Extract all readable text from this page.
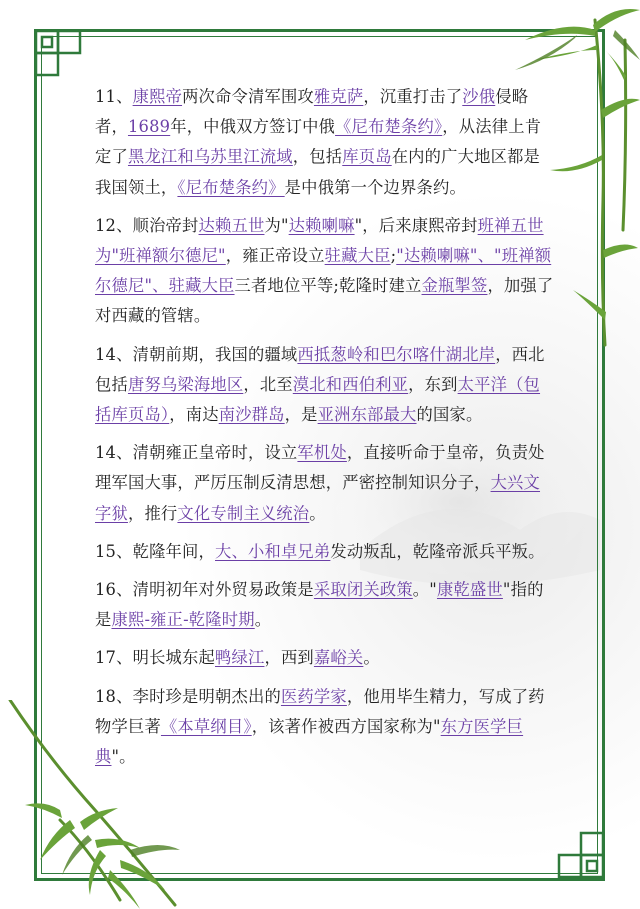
11、康熙帝两次命令清军围攻雅克萨，沉重打击了沙俄侵略者，1689年，中俄双方签订中俄《尼布楚条约》，从法律上肯定了黑龙江和乌苏里江流域，包括库页岛在内的广大地区都是我国领土，《尼布楚条约》是中俄第一个边界条约。

12、顺治帝封达赖五世为"达赖喇嘛"，后来康熙帝封班禅五世为"班禅额尔德尼"，雍正帝设立驻藏大臣;"达赖喇嘛"、"班禅额尔德尼"、驻藏大臣三者地位平等;乾隆时建立金瓶掣签，加强了对西藏的管辖。

14、清朝前期，我国的疆域西抵葱岭和巴尔喀什湖北岸，西北包括唐努乌梁海地区，北至漠北和西伯利亚，东到太平洋（包括库页岛），南达南沙群岛，是亚洲东部最大的国家。

14、清朝雍正皇帝时，设立军机处，直接听命于皇帝，负责处理军国大事，严厉压制反清思想，严密控制知识分子，大兴文字狱，推行文化专制主义统治。

15、乾隆年间，大、小和卓兄弟发动叛乱，乾隆帝派兵平叛。

16、清明初年对外贸易政策是采取闭关政策。"康乾盛世"指的是康熙-雍正-乾隆时期。

17、明长城东起鸭绿江，西到嘉峪关。

18、李时珍是明朝杰出的医药学家，他用毕生精力，写成了药物学巨著《本草纲目》，该著作被西方国家称为"东方医学巨典"。
